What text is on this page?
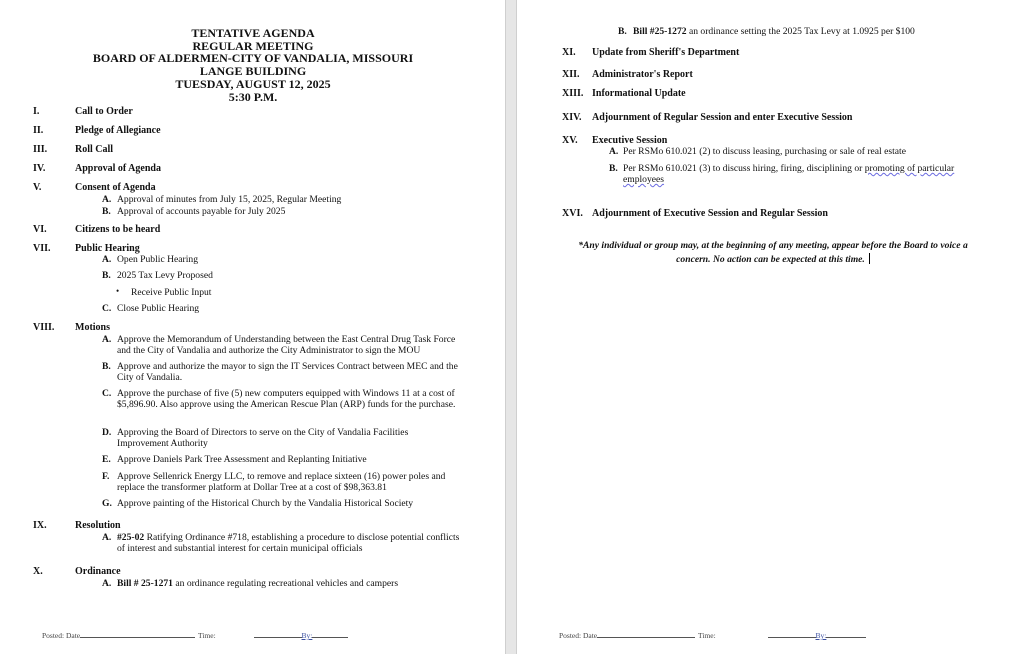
TENTATIVE AGENDA
REGULAR MEETING
BOARD OF ALDERMEN-CITY OF VANDALIA, MISSOURI
LANGE BUILDING
TUESDAY, AUGUST 12, 2025
5:30 P.M.
I.	Call to Order
II.	Pledge of Allegiance
III.	Roll Call
IV.	Approval of Agenda
V.	Consent of Agenda
A. Approval of minutes from July 15, 2025, Regular Meeting
B. Approval of accounts payable for July 2025
VI.	Citizens to be heard
VII. Public Hearing
A. Open Public Hearing
B. 2025 Tax Levy Proposed
• Receive Public Input
C. Close Public Hearing
VIII. Motions
A. Approve the Memorandum of Understanding between the East Central Drug Task Force and the City of Vandalia and authorize the City Administrator to sign the MOU
B. Approve and authorize the mayor to sign the IT Services Contract between MEC and the City of Vandalia.
C. Approve the purchase of five (5) new computers equipped with Windows 11 at a cost of $5,896.90. Also approve using the American Rescue Plan (ARP) funds for the purchase.
D. Approving the Board of Directors to serve on the City of Vandalia Facilities Improvement Authority
E. Approve Daniels Park Tree Assessment and Replanting Initiative
F. Approve Sellenrick Energy LLC, to remove and replace sixteen (16) power poles and replace the transformer platform at Dollar Tree at a cost of $98,363.81
G. Approve painting of the Historical Church by the Vandalia Historical Society
IX.	Resolution
A. #25-02 Ratifying Ordinance #718, establishing a procedure to disclose potential conflicts of interest and substantial interest for certain municipal officials
X.	Ordinance
A. Bill # 25-1271 an ordinance regulating recreational vehicles and campers
Posted: Date	Time:	By:
B. Bill #25-1272 an ordinance setting the 2025 Tax Levy at 1.0925 per $100
XI. Update from Sheriff's Department
XII. Administrator's Report
XIII. Informational Update
XIV. Adjournment of Regular Session and enter Executive Session
XV. Executive Session
A. Per RSMo 610.021 (2) to discuss leasing, purchasing or sale of real estate
B. Per RSMo 610.021 (3) to discuss hiring, firing, disciplining or promoting of particular employees
XVI. Adjournment of Executive Session and Regular Session
*Any individual or group may, at the beginning of any meeting, appear before the Board to voice a concern. No action can be expected at this time.
Posted: Date	Time:	By:
